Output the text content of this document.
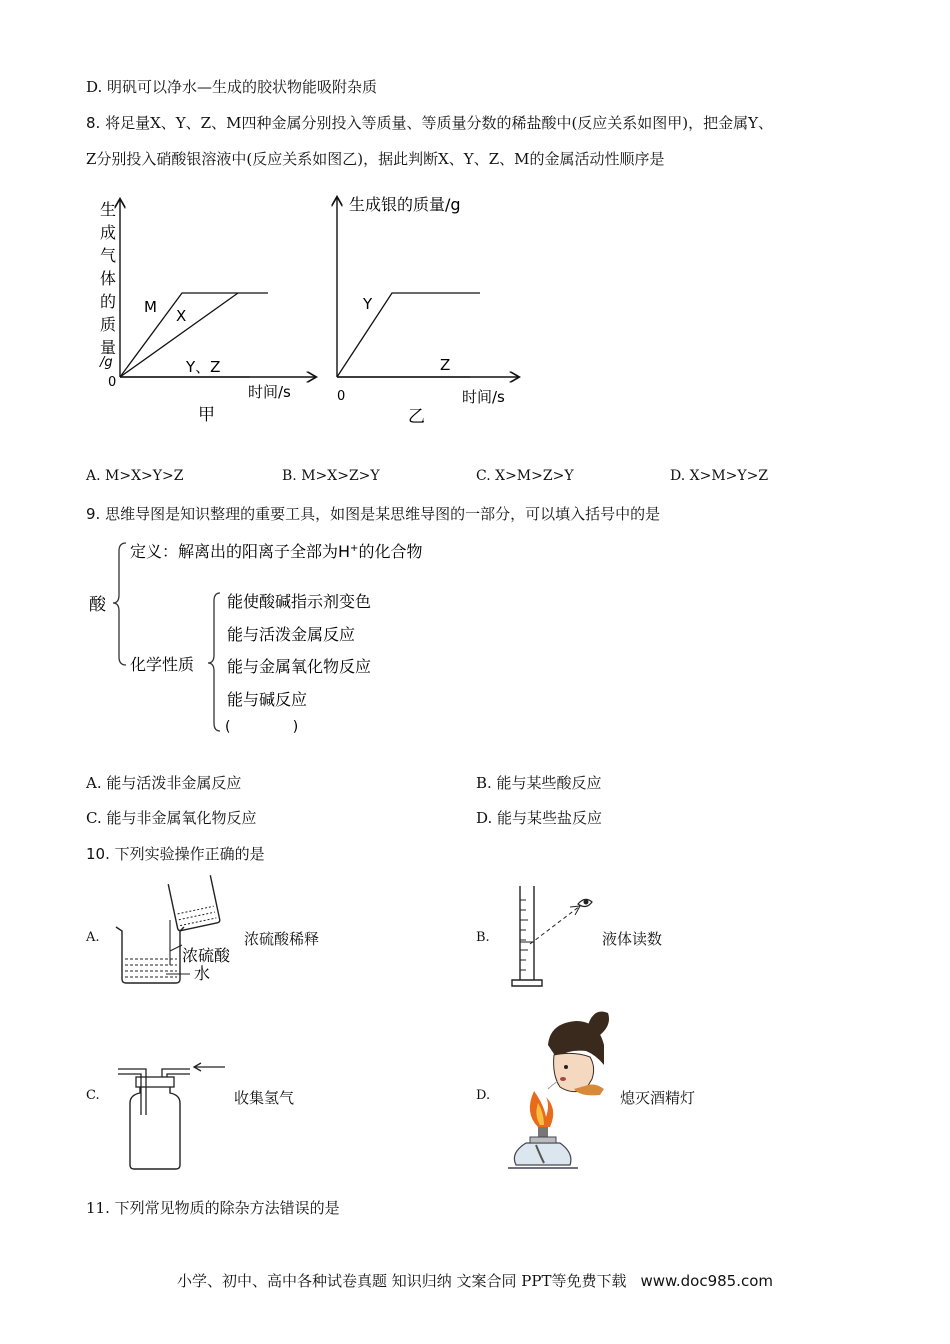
D. 明矾可以净水—生成的胶状物能吸附杂质
8. 将足量X、Y、Z、M四种金属分别投入等质量、等质量分数的稀盐酸中(反应关系如图甲)，把金属Y、
Z分别投入硝酸银溶液中(反应关系如图乙)，据此判断X、Y、Z、M的金属活动性顺序是
生
成
气
体
的
质
量
/g
0
M X
Y、Z
时间/s
甲
生成银的质量/g
0
Y
Z
时间/s
乙
A. M>X>Y>Z	B. M>X>Z>Y	C. X>M>Z>Y	D. X>M>Y>Z
9. 思维导图是知识整理的重要工具，如图是某思维导图的一部分，可以填入括号中的是
酸
定义：解离出的阳离子全部为H+的化合物
化学性质
能使酸碱指示剂变色
能与活泼金属反应
能与金属氧化物反应
能与碱反应
(              )
A. 能与活泼非金属反应	B. 能与某些酸反应
C. 能与非金属氧化物反应	D. 能与某些盐反应
10. 下列实验操作正确的是
A.
浓硫酸
水
浓硫酸稀释	B.	液体读数
C.	收集氢气	D.	熄灭酒精灯
11. 下列常见物质的除杂方法错误的是
小学、初中、高中各种试卷真题 知识归纳 文案合同 PPT等免费下载 www.doc985.com
